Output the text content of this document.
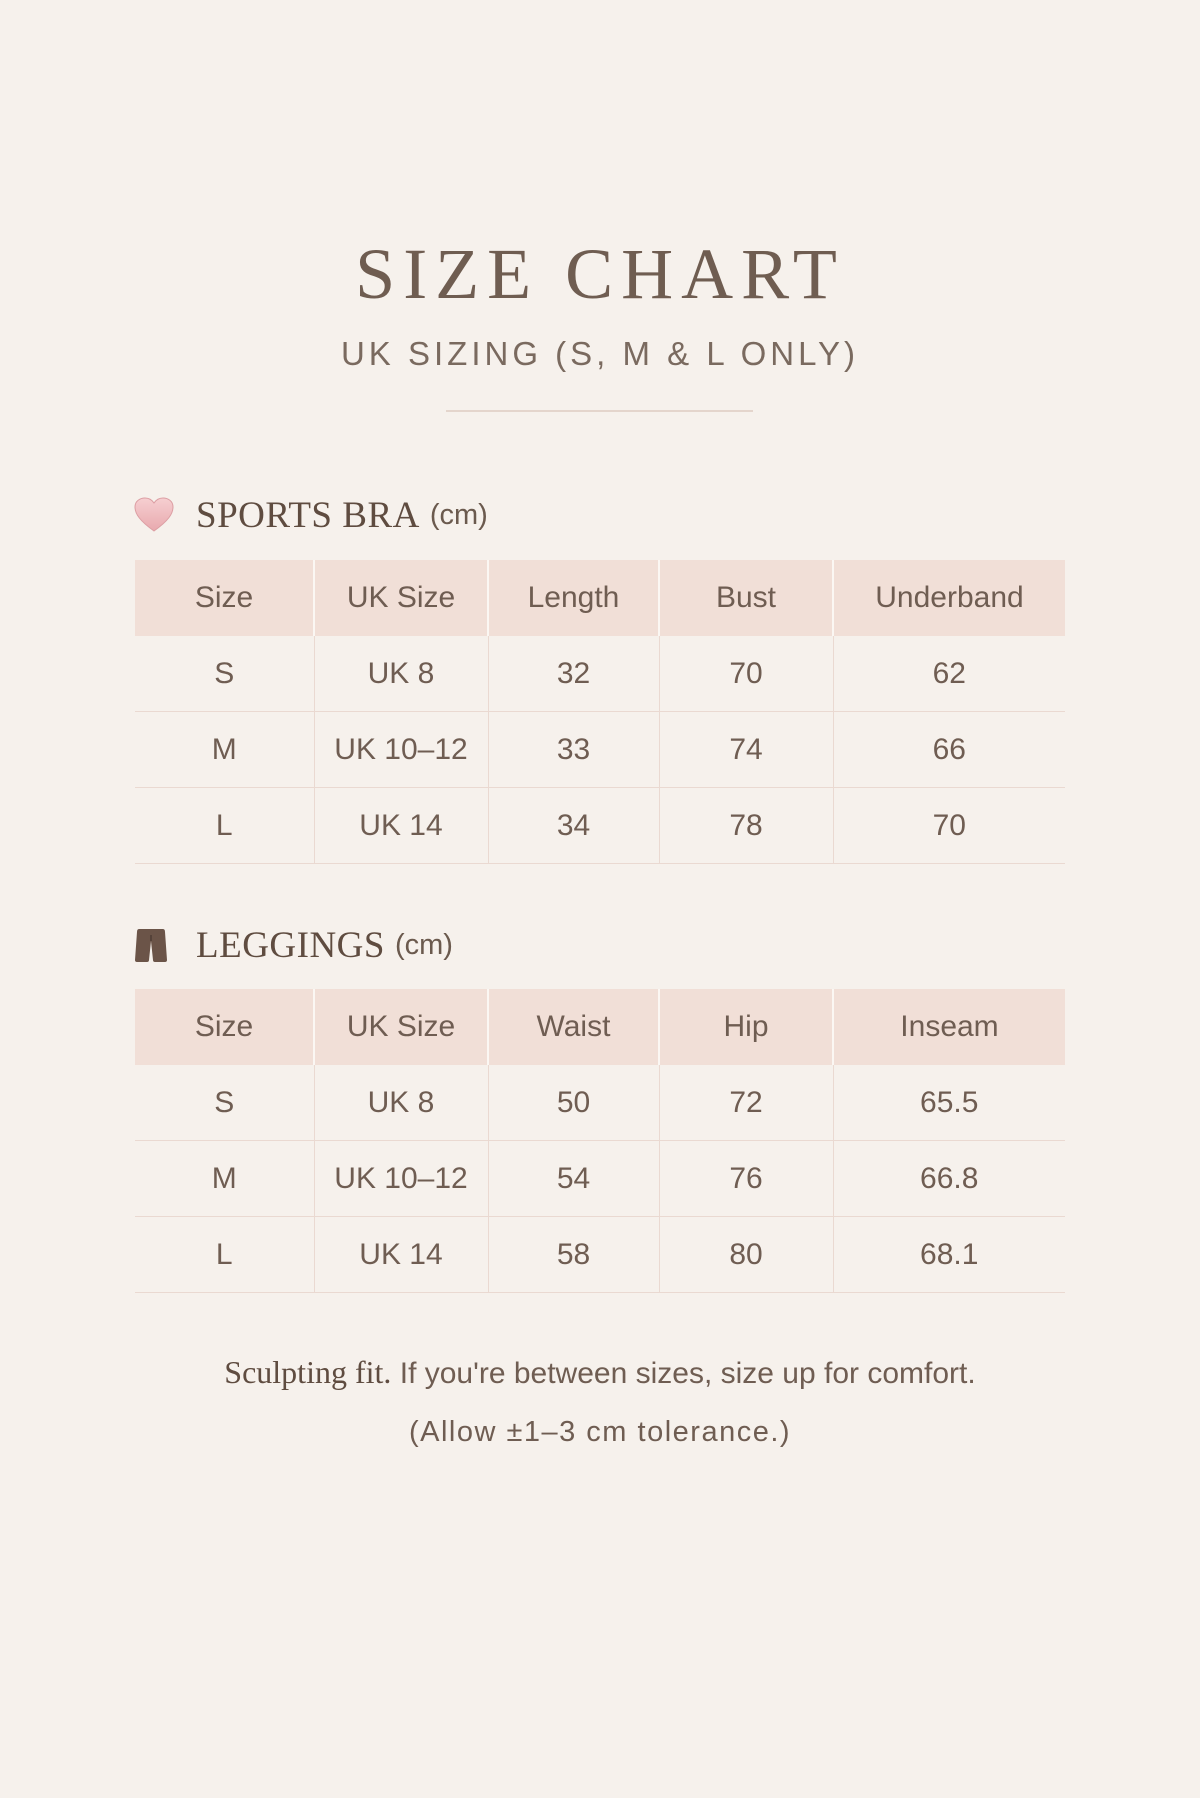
SIZE CHART
UK SIZING (S, M & L ONLY)
SPORTS BRA (cm)
Size	UK Size	Length	Bust	Underband
S	UK 8	32	70	62
M	UK 10–12	33	74	66
L	UK 14	34	78	70
LEGGINGS (cm)
Size	UK Size	Waist	Hip	Inseam
S	UK 8	50	72	65.5
M	UK 10–12	54	76	66.8
L	UK 14	58	80	68.1
Sculpting fit. If you're between sizes, size up for comfort.
(Allow ±1–3 cm tolerance.)
